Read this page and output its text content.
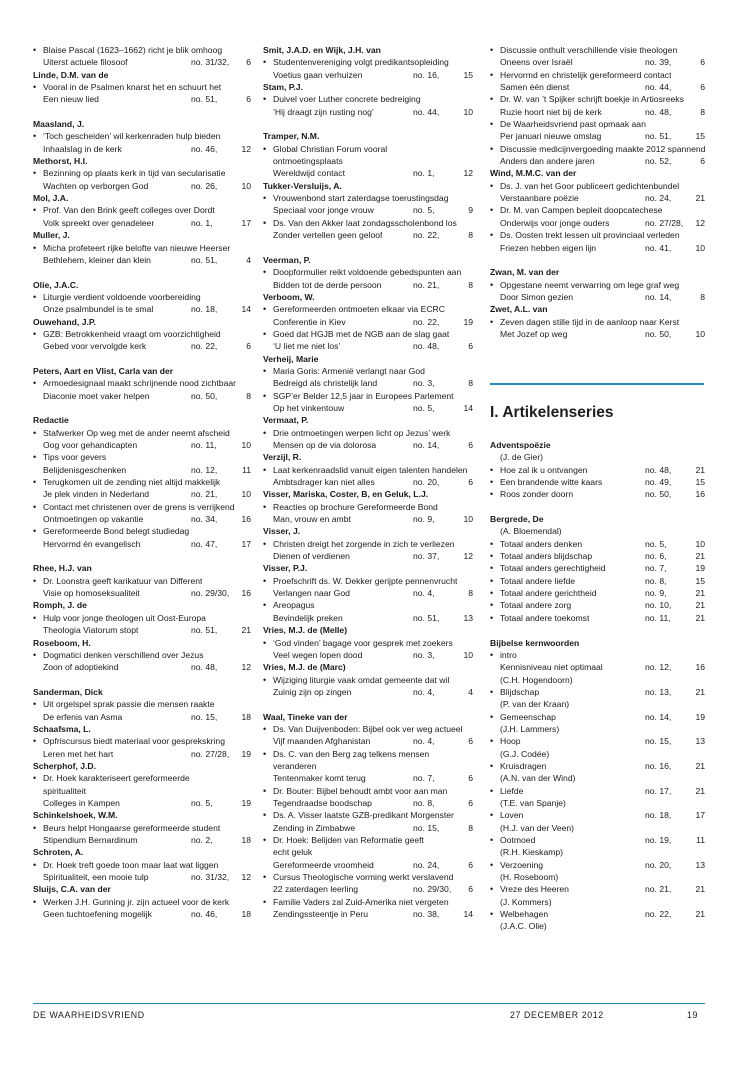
• Blaise Pascal (1623–1662) richt je blik omhoog
Uiterst actuele filosoof	no. 31/32,	6
Linde, D.M. van de
• Vooral in de Psalmen knarst het en schuurt het
Een nieuw lied	no. 51,	6
Maasland, J.
• ‘Toch gescheiden’ wil kerkenraden hulp bieden
Inhaalslag in de kerk	no. 46,	12
Methorst, H.I.
• Bezinning op plaats kerk in tijd van secularisatie
Wachten op verborgen God	no. 26,	10
Mol, J.A.
• Prof. Van den Brink geeft colleges over Dordt
Volk spreekt over genadeleer	no. 1,	17
Muller, J.
• Micha profeteert rijke belofte van nieuwe Heerser
Bethlehem, kleiner dan klein	no. 51,	4
Olie, J.A.C.
• Liturgie verdient voldoende voorbereiding
Onze psalmbundel is te smal	no. 18,	14
Ouwehand, J.P.
• GZB: Betrokkenheid vraagt om voorzichtigheid
Gebed voor vervolgde kerk	no. 22,	6
Peters, Aart en Vlist, Carla van der
• Armoedesignaal maakt schrijnende nood zichtbaar
Diaconie moet vaker helpen	no. 50,	8
Redactie
• Stafwerker Op weg met de ander neemt afscheid
Oog voor gehandicapten	no. 11,	10
• Tips voor gevers
Belijdenisgeschenken	no. 12,	11
• Terugkomen uit de zending niet altijd makkelijk
Je plek vinden in Nederland	no. 21,	10
• Contact met christenen over de grens is verrijkend
Ontmoetingen op vakantie	no. 34,	16
• Gereformeerde Bond belegt studiedag
Hervormd én evangelisch	no. 47,	17
Rhee, H.J. van
• Dr. Loonstra geeft karikatuur van Different
Visie op homoseksualiteit	no. 29/30,	16
Romph, J. de
• Hulp voor jonge theologen uit Oost-Europa
Theologia Viatorum stopt	no. 51,	21
Roseboom, H.
• Dogmatici denken verschillend over Jezus
Zoon of adoptiekind	no. 48,	12
Sanderman, Dick
• Uit orgelspel sprak passie die mensen raakte
De erfenis van Asma	no. 15,	18
Schaafsma, L.
• Opfriscursus biedt materiaal voor gesprekskring
Leren met het hart	no. 27/28,	19
Scherphof, J.D.
• Dr. Hoek karakteriseert gereformeerde
spiritualiteit
Colleges in Kampen	no. 5,	19
Schinkelshoek, W.M.
• Beurs helpt Hongaarse gereformeerde student
Stipendium Bernardinum	no. 2,	18
Schroten, A.
• Dr. Hoek treft goede toon maar laat wat liggen
Spiritualiteit, een mooie tulp	no. 31/32,	12
Sluijs, C.A. van der
• Werken J.H. Gunning jr. zijn actueel voor de kerk
Geen tuchtoefening mogelijk	no. 46,	18
Smit, J.A.D. en Wijk, J.H. van
• Studentenvereniging volgt predikantsopleiding
Voetius gaan verhuizen	no. 16,	15
Stam, P.J.
• Duivel voer Luther concrete bedreiging
‘Hij draagt zijn rusting nog’	no. 44,	10
Tramper, N.M.
• Global Christian Forum vooral
ontmoetingsplaats
Wereldwijd contact	no. 1,	12
Tukker-Versluijs, A.
• Vrouwenbond start zaterdagse toerustingsdag
Speciaal voor jonge vrouw	no. 5,	9
• Ds. Van den Akker laat zondagsscholenbond los
Zonder vertellen geen geloof	no. 22,	8
Veerman, P.
• Doopformulier reikt voldoende gebedspunten aan
Bidden tot de derde persoon	no. 21,	8
Verboom, W.
• Gereformeerden ontmoeten elkaar via ECRC
Conferentie in Kiev	no. 22,	19
• Goed dat HGJB met de NGB aan de slag gaat
‘U liet me niet los’	no. 48,	6
Verheij, Marie
• Maria Goris: Armenië verlangt naar God
Bedreigd als christelijk land	no. 3,	8
• SGP’er Belder 12,5 jaar in Europees Parlement
Op het vinkentouw	no. 5,	14
Vermaat, P.
• Drie ontmoetingen werpen licht op Jezus’ werk
Mensen op de via dolorosa	no. 14,	6
Verzijl, R.
• Laat kerkenraadslid vanuit eigen talenten handelen
Ambtsdrager kan niet alles	no. 20,	6
Visser, Mariska, Coster, B, en Geluk, L.J.
• Reacties op brochure Gereformeerde Bond
Man, vrouw en ambt	no. 9,	10
Visser, J.
• Christen dreigt het zorgende in zich te verliezen
Dienen of verdienen	no. 37,	12
Visser, P.J.
• Proefschrift ds. W. Dekker gerijpte pennenvrucht
Verlangen naar God	no. 4,	8
• Areopagus
Bevindelijk preken	no. 51,	13
Vries, M.J. de (Melle)
• ‘God vinden’ bagage voor gesprek met zoekers
Veel wegen lopen dood	no. 3,	10
Vries, M.J. de (Marc)
• Wijziging liturgie vaak omdat gemeente dat wil
Zuinig zijn op zingen	no. 4,	4
Waal, Tineke van der
• Ds. Van Duijvenboden: Bijbel ook ver weg actueel
Vijf maanden Afghanistan	no. 4,	6
• Ds. C. van den Berg zag telkens mensen
veranderen
Tentenmaker komt terug	no. 7,	6
• Dr. Bouter: Bijbel behoudt ambt voor aan man
Tegendraadse boodschap	no. 8,	6
• Ds. A. Visser laatste GZB-predikant Morgenster
Zending in Zimbabwe	no. 15,	8
• Dr. Hoek: Belijden van Reformatie geeft
echt geluk
Gereformeerde vroomheid	no. 24,	6
• Cursus Theologische vorming werkt verslavend
22 zaterdagen leerling	no. 29/30,	6
• Familie Vaders zal Zuid-Amerika niet vergeten
Zendingssteentje in Peru	no. 38,	14
• Discussie onthult verschillende visie theologen
Oneens over Israël	no. 39,	6
• Hervormd en christelijk gereformeerd contact
Samen één dienst	no. 44,	6
• Dr. W. van ’t Spijker schrijft boekje in Artiosreeks
Ruzie hoort niet bij de kerk	no. 48,	8
• De Waarheidsvriend past opmaak aan
Per januari nieuwe omslag	no. 51,	15
• Discussie medicijnvergoeding maakte 2012 spannend
Anders dan andere jaren	no. 52,	6
Wind, M.M.C. van der
• Ds. J. van het Goor publiceert gedichtenbundel
Verstaanbare poëzie	no. 24,	21
• Dr. M. van Campen bepleit doopcatechese
Onderwijs voor jonge ouders	no. 27/28,	12
• Ds. Oosten trekt lessen uit provinciaal verleden
Friezen hebben eigen lijn	no. 41,	10
Zwan, M. van der
• Opgestane neemt verwarring om lege graf weg
Door Simon gezien	no. 14,	8
Zwet, A.L. van
• Zeven dagen stille tijd in de aanloop naar Kerst
Met Jozef op weg	no. 50,	10
I. Artikelenseries
Adventspoëzie
(J. de Gier)
• Hoe zal ik u ontvangen	no. 48,	21
• Een brandende witte kaars	no. 49,	15
• Roos zonder doorn	no. 50,	16
Bergrede, De
(A. Bloemendal)
• Totaal anders denken	no. 5,	10
• Totaal anders blijdschap	no. 6,	21
• Totaal anders gerechtigheid	no. 7,	19
• Totaal andere liefde	no. 8,	15
• Totaal andere gerichtheid	no. 9,	21
• Totaal andere zorg	no. 10,	21
• Totaal andere toekomst	no. 11,	21
Bijbelse kernwoorden
• intro
Kennisniveau niet optimaal	no. 12,	16
(C.H. Hogendoorn)
• Blijdschap	no. 13,	21
(P. van der Kraan)
• Gemeenschap	no. 14,	19
(J.H. Lammers)
• Hoop	no. 15,	13
(G.J. Codée)
• Kruisdragen	no. 16,	21
(A.N. van der Wind)
• Liefde	no. 17,	21
(T.E. van Spanje)
• Loven	no. 18,	17
(H.J. van der Veen)
• Ootmoed	no. 19,	11
(R.H. Kieskamp)
• Verzoening	no. 20,	13
(H. Roseboom)
• Vreze des Heeren	no. 21,	21
(J. Kommers)
• Welbehagen	no. 22,	21
(J.A.C. Olie)
DE WAARHEIDSVRIEND	27 DECEMBER 2012	19
